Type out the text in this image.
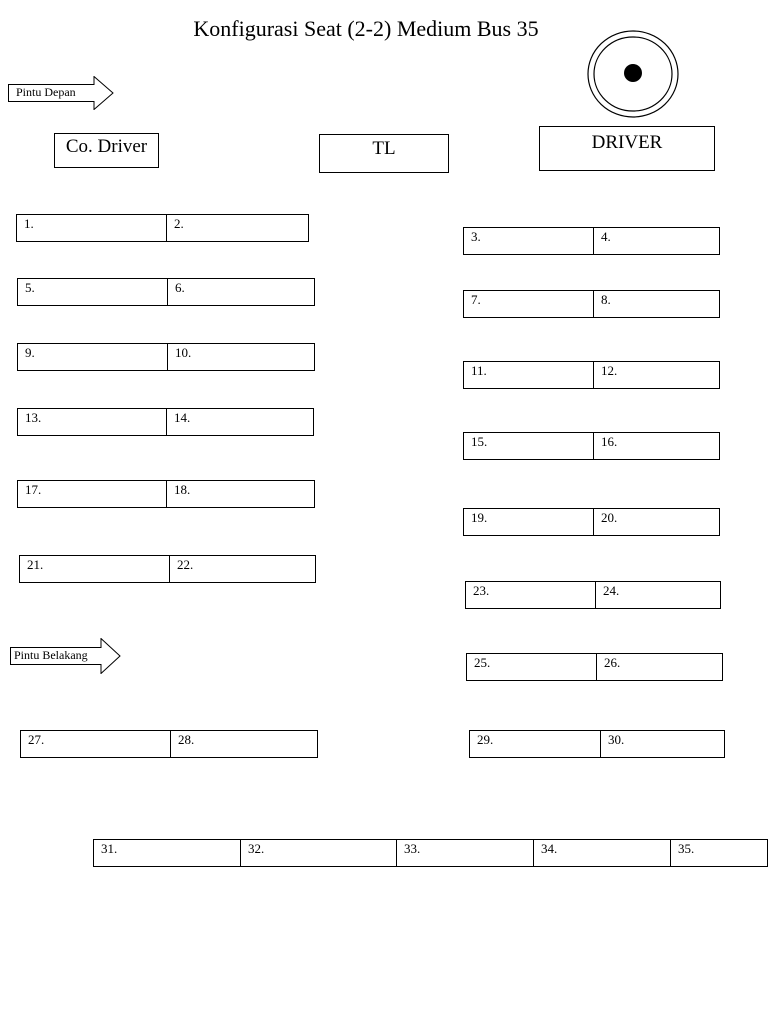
Konfigurasi Seat (2-2) Medium Bus 35
Pintu Depan
Pintu Belakang
Co. Driver	TL	DRIVER
1.	2.
5.	6.
9.	10.
13.	14.
17.	18.
21.	22.
27.	28.
3.	4.
7.	8.
11.	12.
15.	16.
19.	20.
23.	24.
25.	26.
29.	30.
31.	32.	33.	34.	35.
